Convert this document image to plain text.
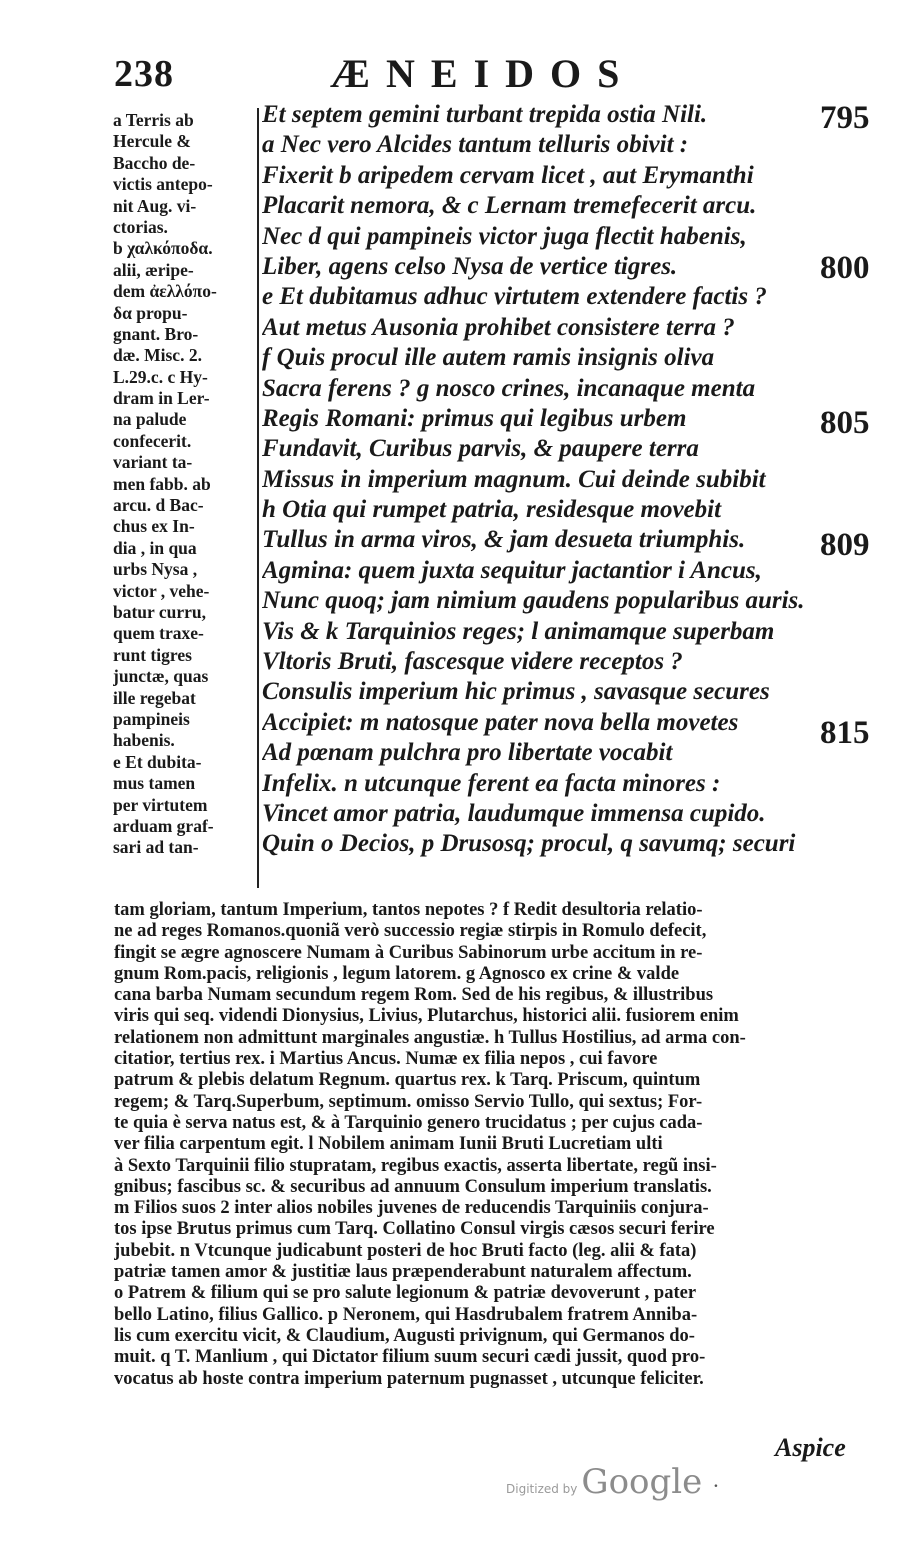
238	ÆNEIDOS
a Terris ab
Hercule &
Baccho de-
victis antepo-
nit Aug. vi-
ctorias.
b χαλκόποδα.
alii, æripe-
dem ἀελλόπο-
δα propu-
gnant. Bro-
dæ. Misc. 2.
L.29.c. c Hy-
dram in Ler-
na palude
confecerit.
variant ta-
men fabb. ab
arcu. d Bac-
chus ex In-
dia , in qua
urbs Nysa ,
victor , vehe-
batur curru,
quem traxe-
runt tigres
junctæ, quas
ille regebat
pampineis
habenis.
e Et dubita-
mus tamen
per virtutem
arduam graf-
sari ad tan-
Et septem gemini turbant trepida ostia Nili.
a Nec vero Alcides tantum telluris obivit :
Fixerit b aripedem cervam licet , aut Erymanthi
Placarit nemora, & c Lernam tremefecerit arcu.
Nec d qui pampineis victor juga flectit habenis,
Liber, agens celso Nysa de vertice tigres.
e Et dubitamus adhuc virtutem extendere factis ?
Aut metus Ausonia prohibet consistere terra ?
f Quis procul ille autem ramis insignis oliva
Sacra ferens ? g nosco crines, incanaque menta
Regis Romani: primus qui legibus urbem
Fundavit, Curibus parvis, & paupere terra
Missus in imperium magnum. Cui deinde subibit
h Otia qui rumpet patria, residesque movebit
Tullus in arma viros, & jam desueta triumphis.
Agmina: quem juxta sequitur jactantior i Ancus,
Nunc quoq; jam nimium gaudens popularibus auris.
Vis & k Tarquinios reges; l animamque superbam
Vltoris Bruti, fascesque videre receptos ?
Consulis imperium hic primus , savasque secures
Accipiet: m natosque pater nova bella movetes
Ad pœnam pulchra pro libertate vocabit
Infelix. n utcunque ferent ea facta minores :
Vincet amor patria, laudumque immensa cupido.
Quin o Decios, p Drusosq; procul, q savumq; securi
795
800
805
809
815
tam gloriam, tantum Imperium, tantos nepotes ? f Redit desultoria relatio-
ne ad reges Romanos.quoniã verò successio regiæ stirpis in Romulo defecit,
fingit se ægre agnoscere Numam à Curibus Sabinorum urbe accitum in re-
gnum Rom.pacis, religionis , legum latorem. g Agnosco ex crine & valde
cana barba Numam secundum regem Rom. Sed de his regibus, & illustribus
viris qui seq. videndi Dionysius, Livius, Plutarchus, historici alii. fusiorem enim
relationem non admittunt marginales angustiæ. h Tullus Hostilius, ad arma con-
citatior, tertius rex. i Martius Ancus. Numæ ex filia nepos , cui favore
patrum & plebis delatum Regnum. quartus rex. k Tarq. Priscum, quintum
regem; & Tarq.Superbum, septimum. omisso Servio Tullo, qui sextus; For-
te quia è serva natus est, & à Tarquinio genero trucidatus ; per cujus cada-
ver filia carpentum egit. l Nobilem animam Iunii Bruti Lucretiam ulti
à Sexto Tarquinii filio stupratam, regibus exactis, asserta libertate, regũ insi-
gnibus; fascibus sc. & securibus ad annuum Consulum imperium translatis.
m Filios suos 2 inter alios nobiles juvenes de reducendis Tarquiniis conjura-
tos ipse Brutus primus cum Tarq. Collatino Consul virgis cæsos securi ferire
jubebit. n Vtcunque judicabunt posteri de hoc Bruti facto (leg. alii & fata)
patriæ tamen amor & justitiæ laus præpenderabunt naturalem affectum.
o Patrem & filium qui se pro salute legionum & patriæ devoverunt , pater
bello Latino, filius Gallico. p Neronem, qui Hasdrubalem fratrem Anniba-
lis cum exercitu vicit, & Claudium, Augusti privignum, qui Germanos do-
muit. q T. Manlium , qui Dictator filium suum securi cædi jussit, quod pro-
vocatus ab hoste contra imperium paternum pugnasset , utcunque feliciter.
Aspice
Digitized by Google ·
